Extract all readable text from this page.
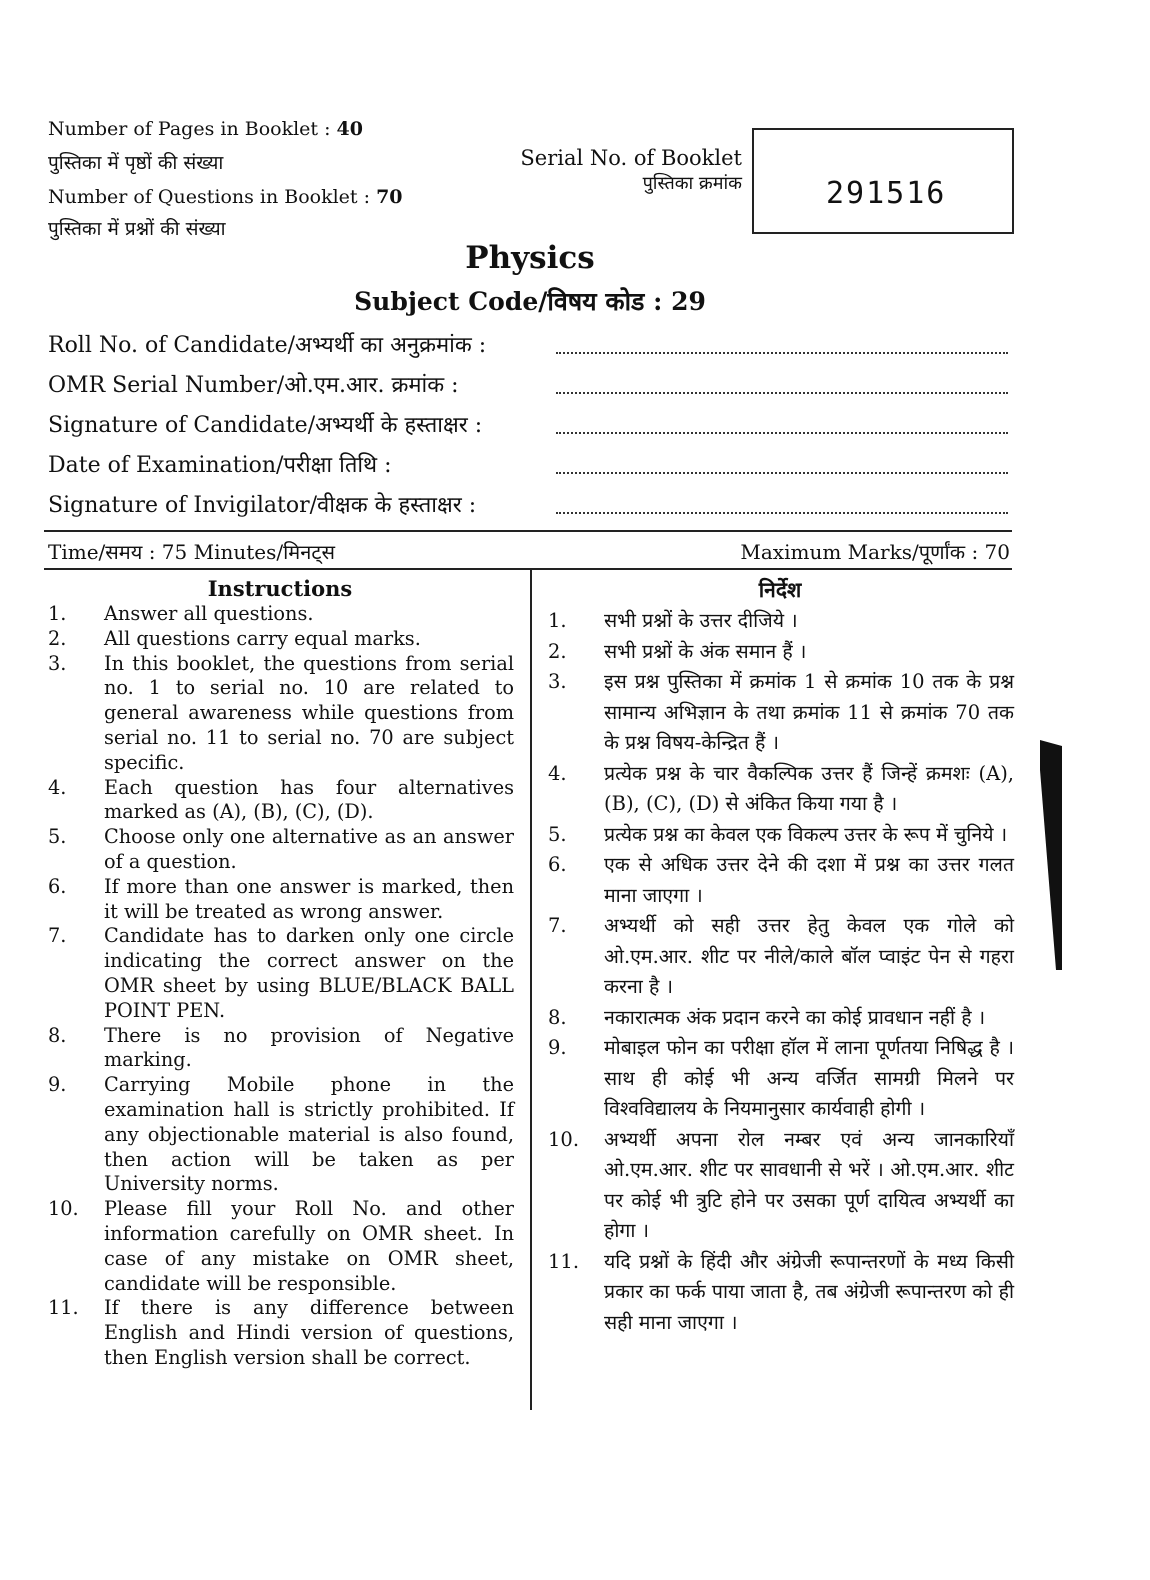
Number of Pages in Booklet : 40
पुस्तिका में पृष्ठों की संख्या
Number of Questions in Booklet : 70
पुस्तिका में प्रश्नों की संख्या
Serial No. of Booklet
पुस्तिका क्रमांक	291516
Physics
Subject Code/विषय कोड : 29
Roll No. of Candidate/अभ्यर्थी का अनुक्रमांक :
OMR Serial Number/ओ.एम.आर. क्रमांक :
Signature of Candidate/अभ्यर्थी के हस्ताक्षर :
Date of Examination/परीक्षा तिथि :
Signature of Invigilator/वीक्षक के हस्ताक्षर :
Time/समय : 75 Minutes/मिनट्स	Maximum Marks/पूर्णांक : 70
Instructions
1.	Answer all questions.
2.	All questions carry equal marks.
3.	In this booklet, the questions from serial no. 1 to serial no. 10 are related to general awareness while questions from serial no. 11 to serial no. 70 are subject specific.
4.	Each question has four alternatives marked as (A), (B), (C), (D).
5.	Choose only one alternative as an answer of a question.
6.	If more than one answer is marked, then it will be treated as wrong answer.
7.	Candidate has to darken only one circle indicating the correct answer on the OMR sheet by using BLUE/BLACK BALL POINT PEN.
8.	There is no provision of Negative marking.
9.	Carrying Mobile phone in the examination hall is strictly prohibited. If any objectionable material is also found, then action will be taken as per University norms.
10.	Please fill your Roll No. and other information carefully on OMR sheet. In case of any mistake on OMR sheet, candidate will be responsible.
11.	If there is any difference between English and Hindi version of questions, then English version shall be correct.
निर्देश
1.	सभी प्रश्नों के उत्तर दीजिये ।
2.	सभी प्रश्नों के अंक समान हैं ।
3.	इस प्रश्न पुस्तिका में क्रमांक 1 से क्रमांक 10 तक के प्रश्न सामान्य अभिज्ञान के तथा क्रमांक 11 से क्रमांक 70 तक के प्रश्न विषय-केन्द्रित हैं ।
4.	प्रत्येक प्रश्न के चार वैकल्पिक उत्तर हैं जिन्हें क्रमशः (A), (B), (C), (D) से अंकित किया गया है ।
5.	प्रत्येक प्रश्न का केवल एक विकल्प उत्तर के रूप में चुनिये ।
6.	एक से अधिक उत्तर देने की दशा में प्रश्न का उत्तर गलत माना जाएगा ।
7.	अभ्यर्थी को सही उत्तर हेतु केवल एक गोले को ओ.एम.आर. शीट पर नीले/काले बॉल प्वाइंट पेन से गहरा करना है ।
8.	नकारात्मक अंक प्रदान करने का कोई प्रावधान नहीं है ।
9.	मोबाइल फोन का परीक्षा हॉल में लाना पूर्णतया निषिद्ध है । साथ ही कोई भी अन्य वर्जित सामग्री मिलने पर विश्वविद्यालय के नियमानुसार कार्यवाही होगी ।
10.	अभ्यर्थी अपना रोल नम्बर एवं अन्य जानकारियाँ ओ.एम.आर. शीट पर सावधानी से भरें । ओ.एम.आर. शीट पर कोई भी त्रुटि होने पर उसका पूर्ण दायित्व अभ्यर्थी का होगा ।
11.	यदि प्रश्नों के हिंदी और अंग्रेजी रूपान्तरणों के मध्य किसी प्रकार का फर्क पाया जाता है, तब अंग्रेजी रूपान्तरण को ही सही माना जाएगा ।
